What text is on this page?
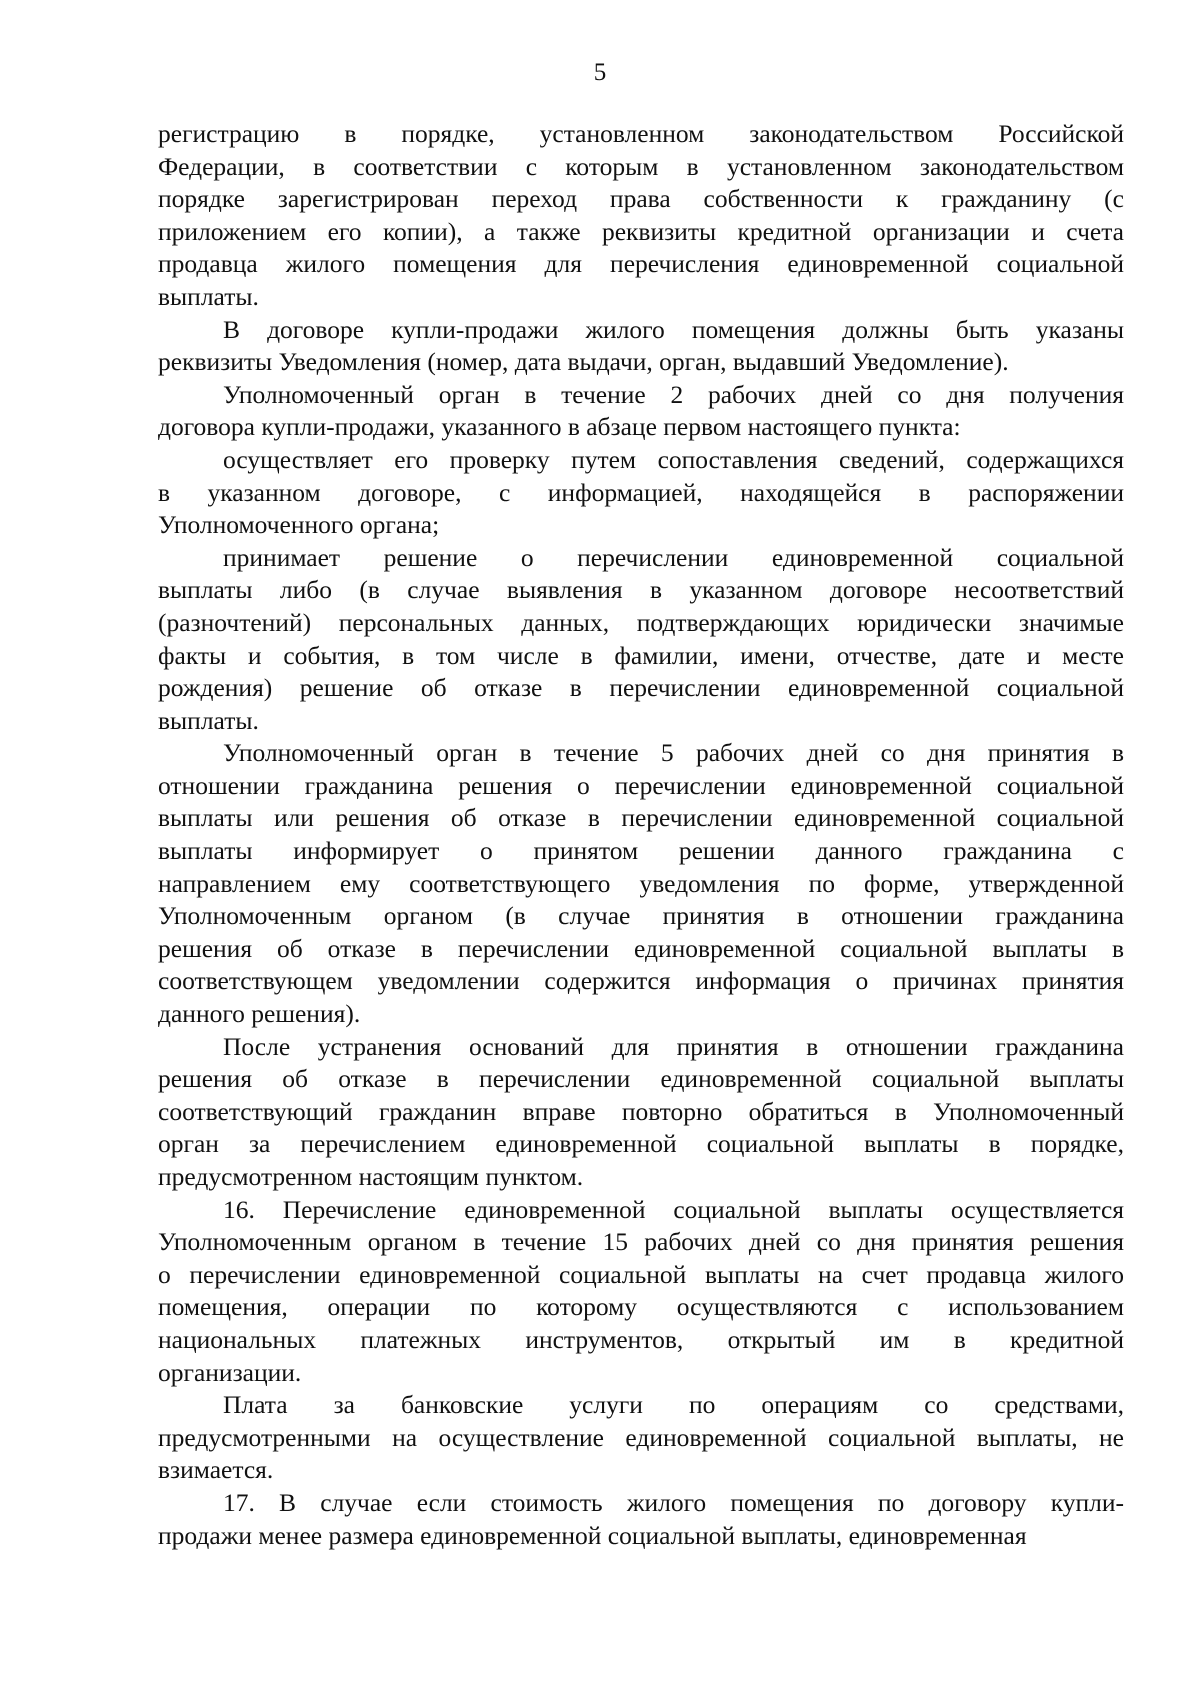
5
регистрацию в порядке, установленном законодательством Российской
Федерации, в соответствии с которым в установленном законодательством
порядке зарегистрирован переход права собственности к гражданину (с
приложением его копии), а также реквизиты кредитной организации и счета
продавца жилого помещения для перечисления единовременной социальной
выплаты.
В договоре купли-продажи жилого помещения должны быть указаны
реквизиты Уведомления (номер, дата выдачи, орган, выдавший Уведомление).
Уполномоченный орган в течение 2 рабочих дней со дня получения
договора купли-продажи, указанного в абзаце первом настоящего пункта:
осуществляет его проверку путем сопоставления сведений, содержащихся
в указанном договоре, с информацией, находящейся в распоряжении
Уполномоченного органа;
принимает решение о перечислении единовременной социальной
выплаты либо (в случае выявления в указанном договоре несоответствий
(разночтений) персональных данных, подтверждающих юридически значимые
факты и события, в том числе в фамилии, имени, отчестве, дате и месте
рождения) решение об отказе в перечислении единовременной социальной
выплаты.
Уполномоченный орган в течение 5 рабочих дней со дня принятия в
отношении гражданина решения о перечислении единовременной социальной
выплаты или решения об отказе в перечислении единовременной социальной
выплаты информирует о принятом решении данного гражданина с
направлением ему соответствующего уведомления по форме, утвержденной
Уполномоченным органом (в случае принятия в отношении гражданина
решения об отказе в перечислении единовременной социальной выплаты в
соответствующем уведомлении содержится информация о причинах принятия
данного решения).
После устранения оснований для принятия в отношении гражданина
решения об отказе в перечислении единовременной социальной выплаты
соответствующий гражданин вправе повторно обратиться в Уполномоченный
орган за перечислением единовременной социальной выплаты в порядке,
предусмотренном настоящим пунктом.
16. Перечисление единовременной социальной выплаты осуществляется
Уполномоченным органом в течение 15 рабочих дней со дня принятия решения
о перечислении единовременной социальной выплаты на счет продавца жилого
помещения, операции по которому осуществляются с использованием
национальных платежных инструментов, открытый им в кредитной
организации.
Плата за банковские услуги по операциям со средствами,
предусмотренными на осуществление единовременной социальной выплаты, не
взимается.
17. В случае если стоимость жилого помещения по договору купли-
продажи менее размера единовременной социальной выплаты, единовременная
